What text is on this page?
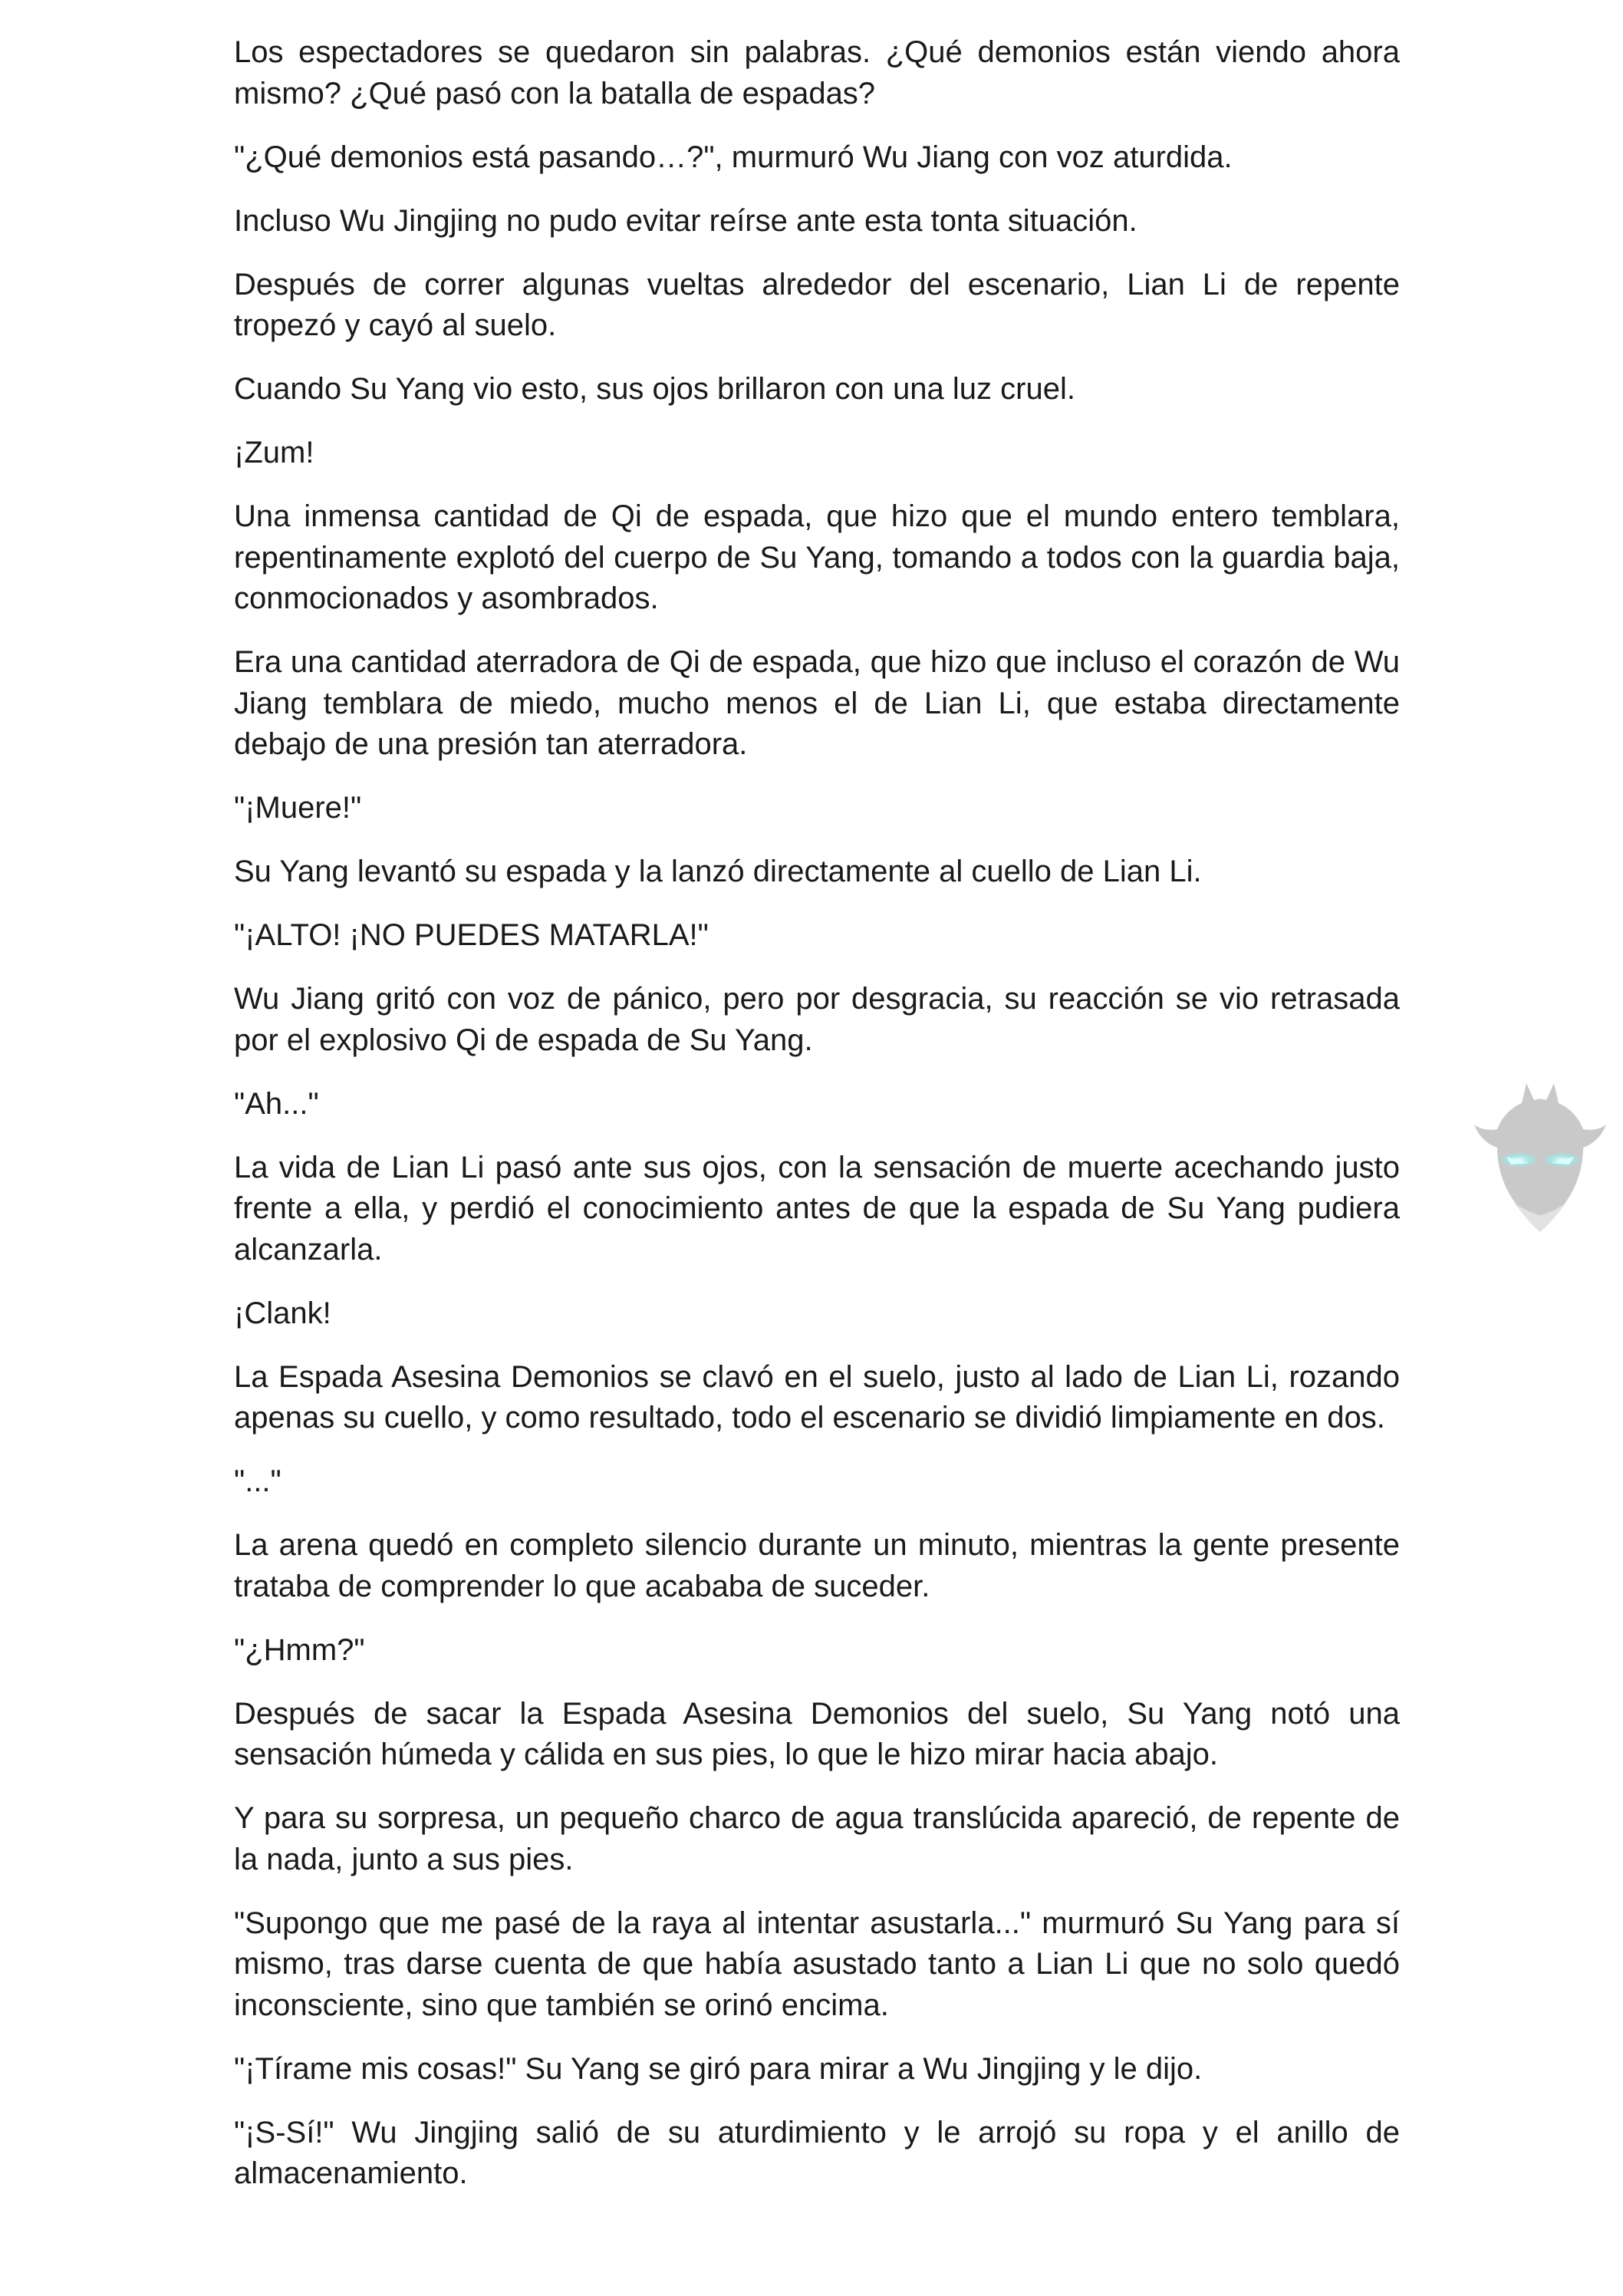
Los espectadores se quedaron sin palabras. ¿Qué demonios están viendo ahora mismo? ¿Qué pasó con la batalla de espadas?

"¿Qué demonios está pasando…?", murmuró Wu Jiang con voz aturdida.

Incluso Wu Jingjing no pudo evitar reírse ante esta tonta situación.

Después de correr algunas vueltas alrededor del escenario, Lian Li de repente tropezó y cayó al suelo.

Cuando Su Yang vio esto, sus ojos brillaron con una luz cruel.

¡Zum!

Una inmensa cantidad de Qi de espada, que hizo que el mundo entero temblara, repentinamente explotó del cuerpo de Su Yang, tomando a todos con la guardia baja, conmocionados y asombrados.

Era una cantidad aterradora de Qi de espada, que hizo que incluso el corazón de Wu Jiang temblara de miedo, mucho menos el de Lian Li, que estaba directamente debajo de una presión tan aterradora.

"¡Muere!"

Su Yang levantó su espada y la lanzó directamente al cuello de Lian Li.

"¡ALTO! ¡NO PUEDES MATARLA!"

Wu Jiang gritó con voz de pánico, pero por desgracia, su reacción se vio retrasada por el explosivo Qi de espada de Su Yang.

"Ah..."

La vida de Lian Li pasó ante sus ojos, con la sensación de muerte acechando justo frente a ella, y perdió el conocimiento antes de que la espada de Su Yang pudiera alcanzarla.

¡Clank!

La Espada Asesina Demonios se clavó en el suelo, justo al lado de Lian Li, rozando apenas su cuello, y como resultado, todo el escenario se dividió limpiamente en dos.

"..."

La arena quedó en completo silencio durante un minuto, mientras la gente presente trataba de comprender lo que acababa de suceder.

"¿Hmm?"

Después de sacar la Espada Asesina Demonios del suelo, Su Yang notó una sensación húmeda y cálida en sus pies, lo que le hizo mirar hacia abajo.

Y para su sorpresa, un pequeño charco de agua translúcida apareció, de repente de la nada, junto a sus pies.

"Supongo que me pasé de la raya al intentar asustarla..." murmuró Su Yang para sí mismo, tras darse cuenta de que había asustado tanto a Lian Li que no solo quedó inconsciente, sino que también se orinó encima.

"¡Tírame mis cosas!" Su Yang se giró para mirar a Wu Jingjing y le dijo.

"¡S-Sí!" Wu Jingjing salió de su aturdimiento y le arrojó su ropa y el anillo de almacenamiento.
